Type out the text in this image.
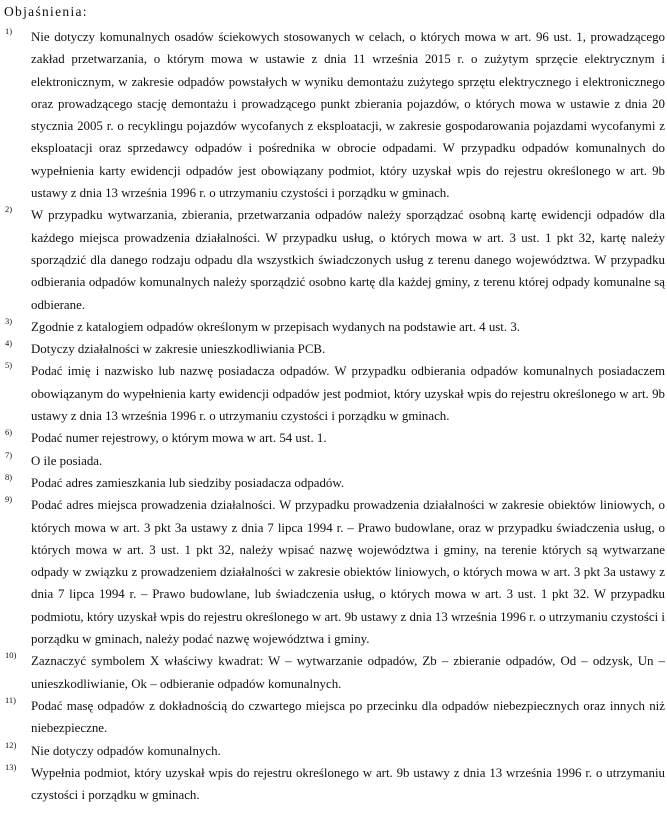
Objaśnienia:
1) Nie dotyczy komunalnych osadów ściekowych stosowanych w celach, o których mowa w art. 96 ust. 1, prowadzącego zakład przetwarzania, o którym mowa w ustawie z dnia 11 września 2015 r. o zużytym sprzęcie elektrycznym i elektronicznym, w zakresie odpadów powstałych w wyniku demontażu zużytego sprzętu elektrycznego i elektronicznego oraz prowadzącego stację demontażu i prowadzącego punkt zbierania pojazdów, o których mowa w ustawie z dnia 20 stycznia 2005 r. o recyklingu pojazdów wycofanych z eksploatacji, w zakresie gospodarowania pojazdami wycofanymi z eksploatacji oraz sprzedawcy odpadów i pośrednika w obrocie odpadami. W przypadku odpadów komunalnych do wypełnienia karty ewidencji odpadów jest obowiązany podmiot, który uzyskał wpis do rejestru określonego w art. 9b ustawy z dnia 13 września 1996 r. o utrzymaniu czystości i porządku w gminach.
2) W przypadku wytwarzania, zbierania, przetwarzania odpadów należy sporządzać osobną kartę ewidencji odpadów dla każdego miejsca prowadzenia działalności. W przypadku usług, o których mowa w art. 3 ust. 1 pkt 32, kartę należy sporządzić dla danego rodzaju odpadu dla wszystkich świadczonych usług z terenu danego województwa. W przypadku odbierania odpadów komunalnych należy sporządzić osobno kartę dla każdej gminy, z terenu której odpady komunalne są odbierane.
3) Zgodnie z katalogiem odpadów określonym w przepisach wydanych na podstawie art. 4 ust. 3.
4) Dotyczy działalności w zakresie unieszkodliwiania PCB.
5) Podać imię i nazwisko lub nazwę posiadacza odpadów. W przypadku odbierania odpadów komunalnych posiadaczem obowiązanym do wypełnienia karty ewidencji odpadów jest podmiot, który uzyskał wpis do rejestru określonego w art. 9b ustawy z dnia 13 września 1996 r. o utrzymaniu czystości i porządku w gminach.
6) Podać numer rejestrowy, o którym mowa w art. 54 ust. 1.
7) O ile posiada.
8) Podać adres zamieszkania lub siedziby posiadacza odpadów.
9) Podać adres miejsca prowadzenia działalności. W przypadku prowadzenia działalności w zakresie obiektów liniowych, o których mowa w art. 3 pkt 3a ustawy z dnia 7 lipca 1994 r. – Prawo budowlane, oraz w przypadku świadczenia usług, o których mowa w art. 3 ust. 1 pkt 32, należy wpisać nazwę województwa i gminy, na terenie których są wytwarzane odpady w związku z prowadzeniem działalności w zakresie obiektów liniowych, o których mowa w art. 3 pkt 3a ustawy z dnia 7 lipca 1994 r. – Prawo budowlane, lub świadczenia usług, o których mowa w art. 3 ust. 1 pkt 32. W przypadku podmiotu, który uzyskał wpis do rejestru określonego w art. 9b ustawy z dnia 13 września 1996 r. o utrzymaniu czystości i porządku w gminach, należy podać nazwę województwa i gminy.
10) Zaznaczyć symbolem X właściwy kwadrat: W – wytwarzanie odpadów, Zb – zbieranie odpadów, Od – odzysk, Un – unieszkodliwianie, Ok – odbieranie odpadów komunalnych.
11) Podać masę odpadów z dokładnością do czwartego miejsca po przecinku dla odpadów niebezpiecznych oraz innych niż niebezpieczne.
12) Nie dotyczy odpadów komunalnych.
13) Wypełnia podmiot, który uzyskał wpis do rejestru określonego w art. 9b ustawy z dnia 13 września 1996 r. o utrzymaniu czystości i porządku w gminach.
